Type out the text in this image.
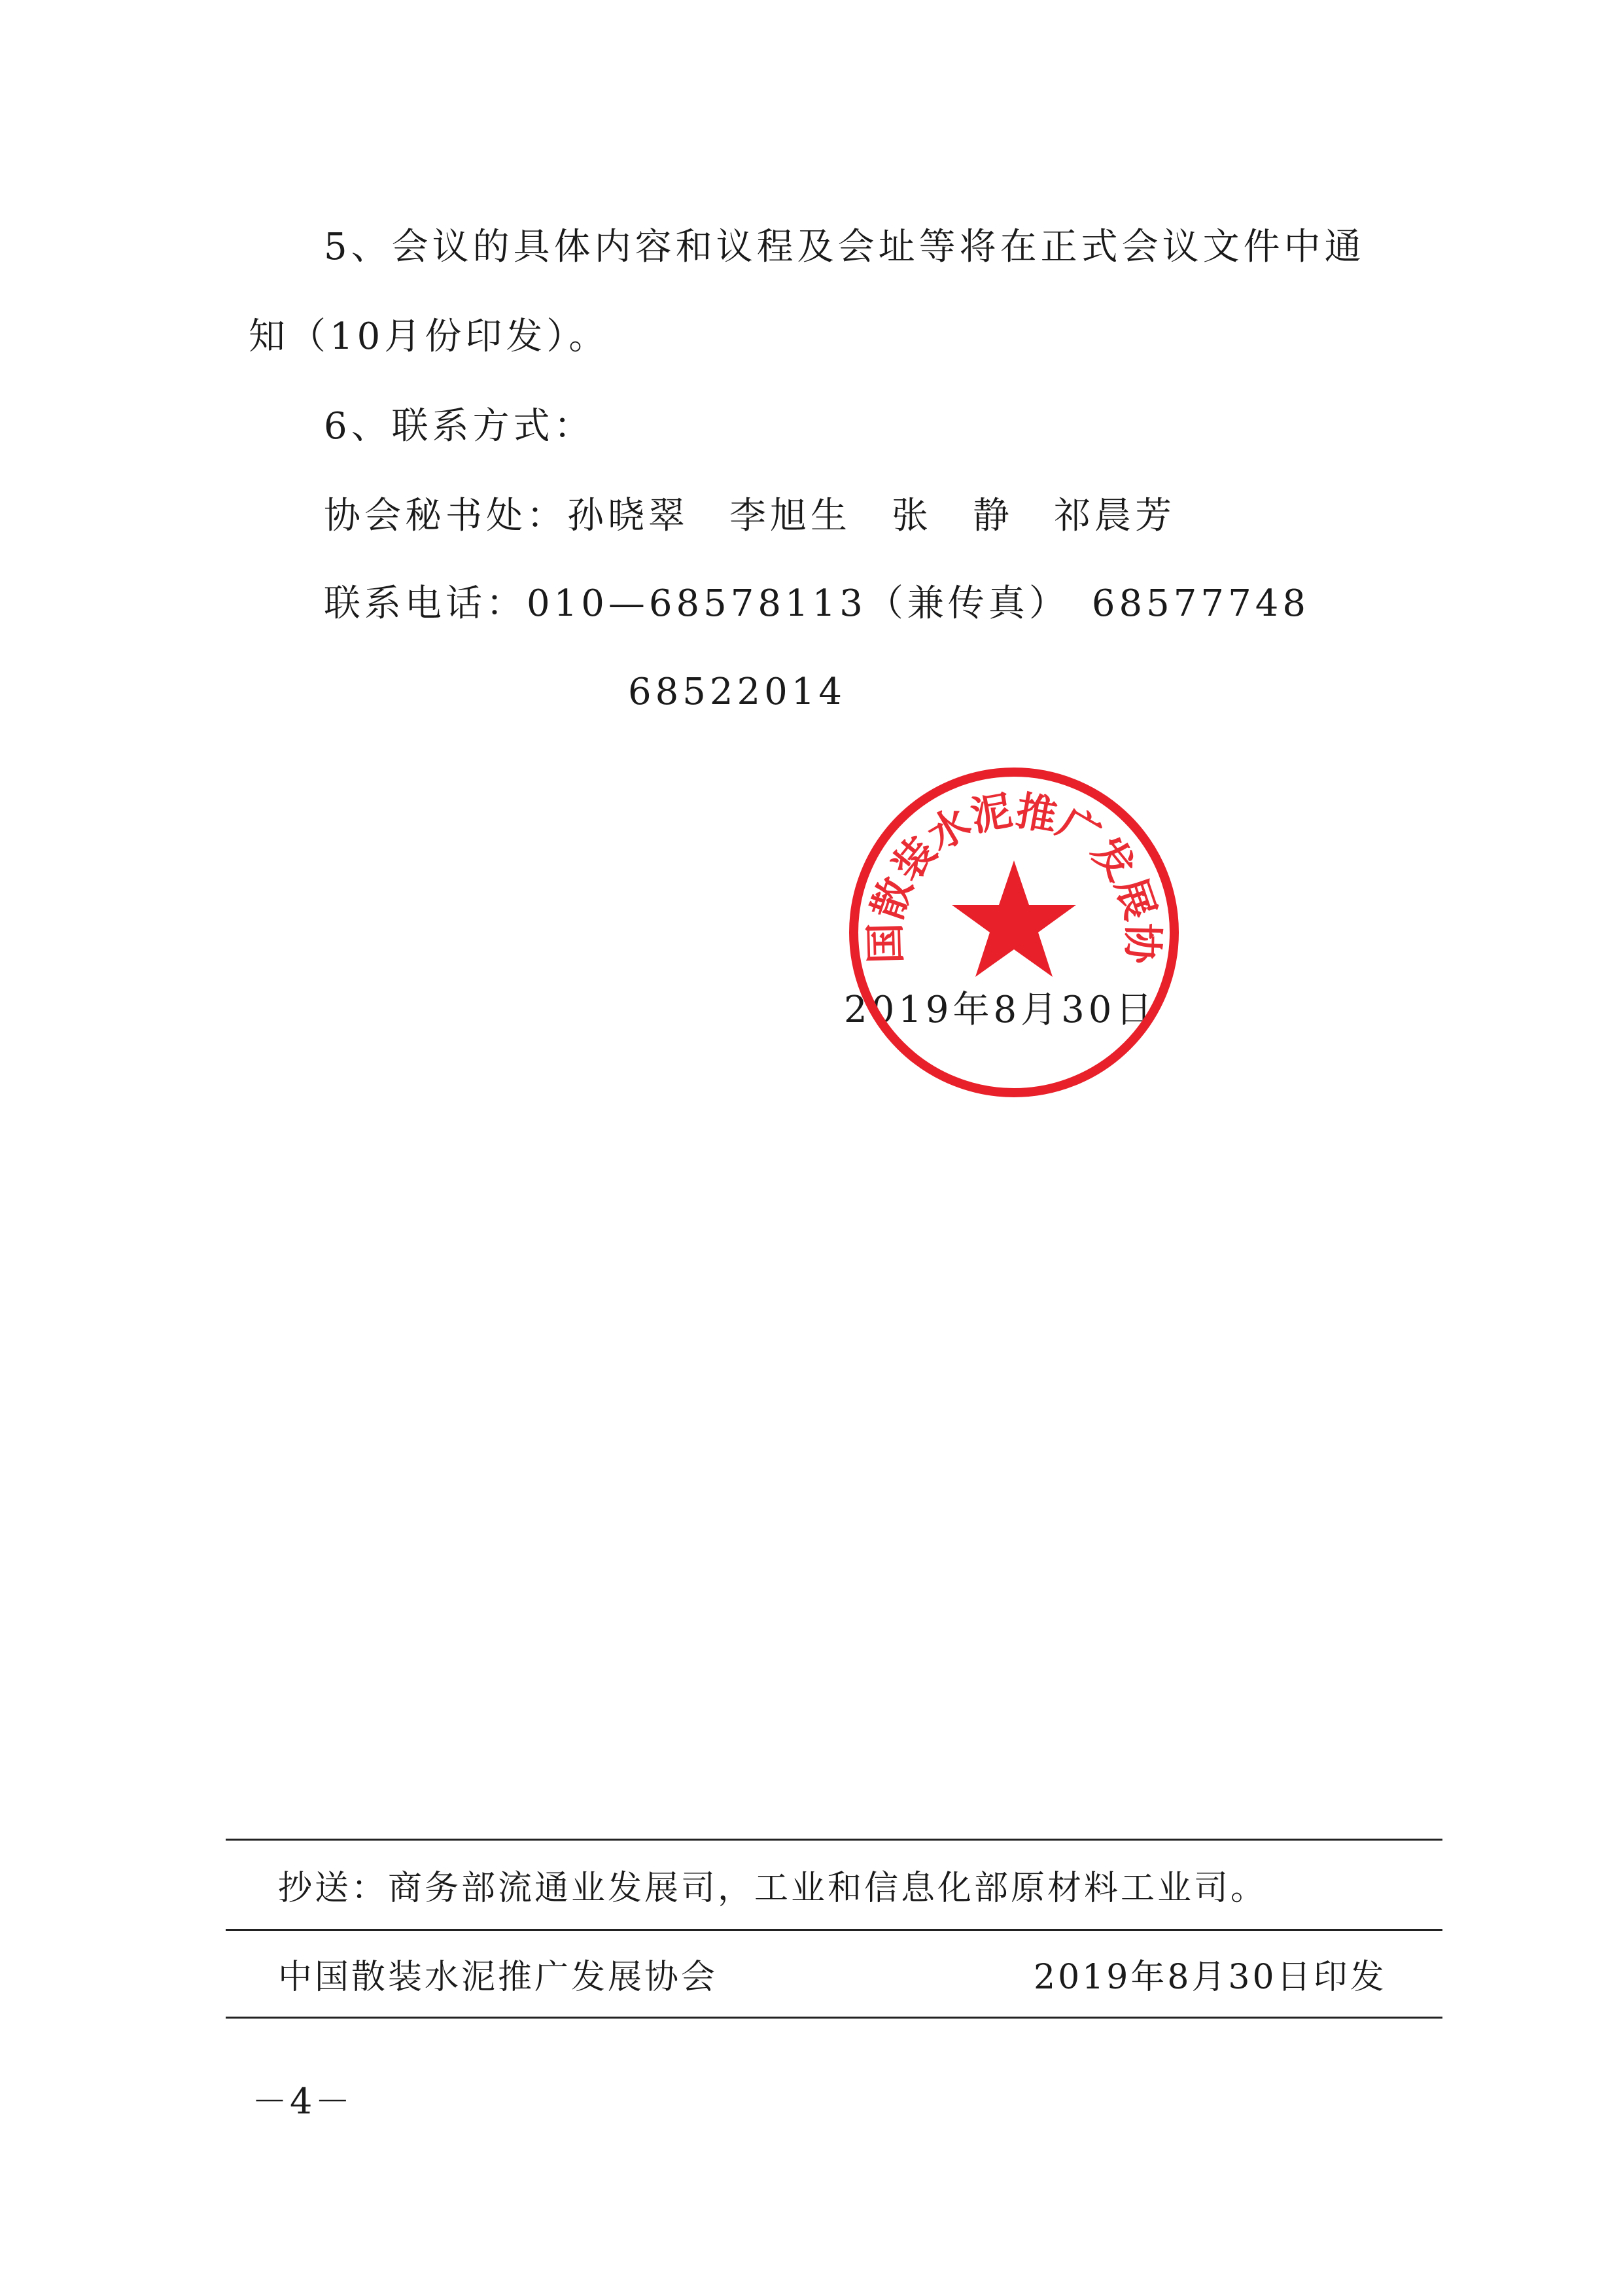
5、会议的具体内容和议程及会址等将在正式会议文件中通
知（10月份印发）。
6、联系方式：
协会秘书处：孙晓翠　李旭生　张　静　祁晨芳
联系电话：010—68578113（兼传真）　68577748
68522014
2019年8月30日
国散装水泥推广发展协
抄送：商务部流通业发展司，工业和信息化部原材料工业司。
中国散装水泥推广发展协会	2019年8月30日印发
－4－
